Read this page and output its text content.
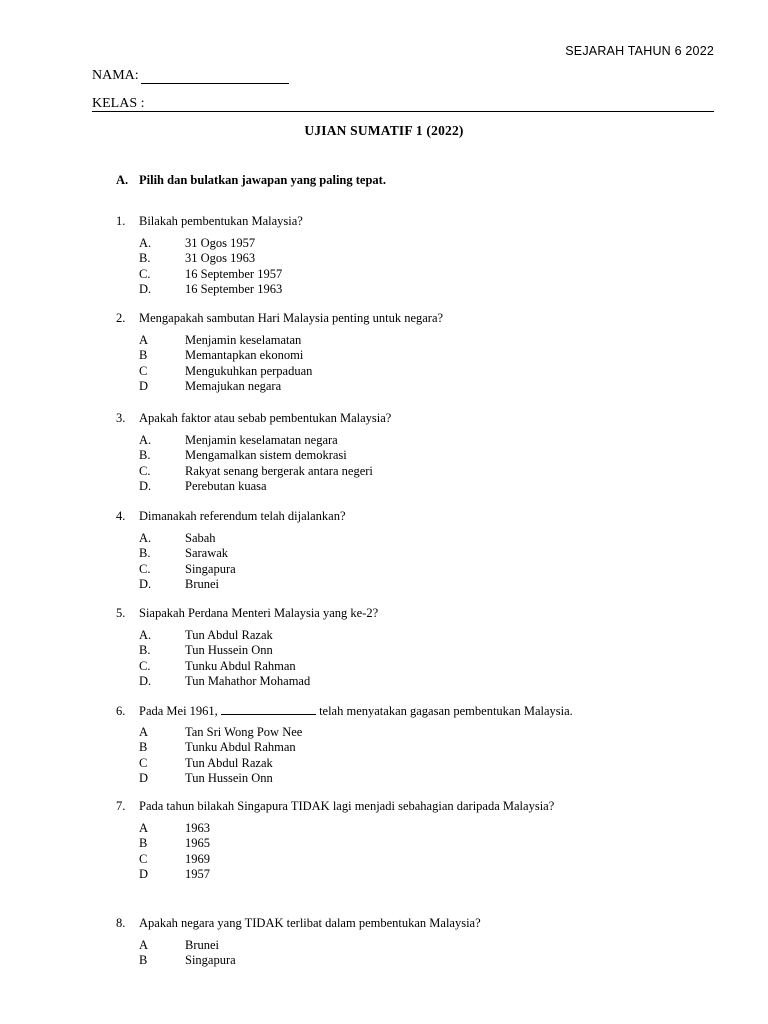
SEJARAH TAHUN 6 2022
NAMA:
KELAS :
UJIAN SUMATIF 1 (2022)
A. Pilih dan bulatkan jawapan yang paling tepat.
1. Bilakah pembentukan Malaysia?
A.	31 Ogos 1957
B.	31 Ogos 1963
C.	16 September 1957
D.	16 September 1963
2. Mengapakah sambutan Hari Malaysia penting untuk negara?
A	Menjamin keselamatan
B	Memantapkan ekonomi
C	Mengukuhkan perpaduan
D	Memajukan negara
3. Apakah faktor atau sebab pembentukan Malaysia?
A.	Menjamin keselamatan negara
B.	Mengamalkan sistem demokrasi
C.	Rakyat senang bergerak antara negeri
D.	Perebutan kuasa
4. Dimanakah referendum telah dijalankan?
A.	Sabah
B.	Sarawak
C.	Singapura
D.	Brunei
5. Siapakah Perdana Menteri Malaysia yang ke-2?
A.	Tun Abdul Razak
B.	Tun Hussein Onn
C.	Tunku Abdul Rahman
D.	Tun Mahathor Mohamad
6. Pada Mei 1961,	telah menyatakan gagasan pembentukan Malaysia.
A	Tan Sri Wong Pow Nee
B	Tunku Abdul Rahman
C	Tun Abdul Razak
D	Tun Hussein Onn
7. Pada tahun bilakah Singapura TIDAK lagi menjadi sebahagian daripada Malaysia?
A	1963
B	1965
C	1969
D	1957
8. Apakah negara yang TIDAK terlibat dalam pembentukan Malaysia?
A	Brunei
B	Singapura
